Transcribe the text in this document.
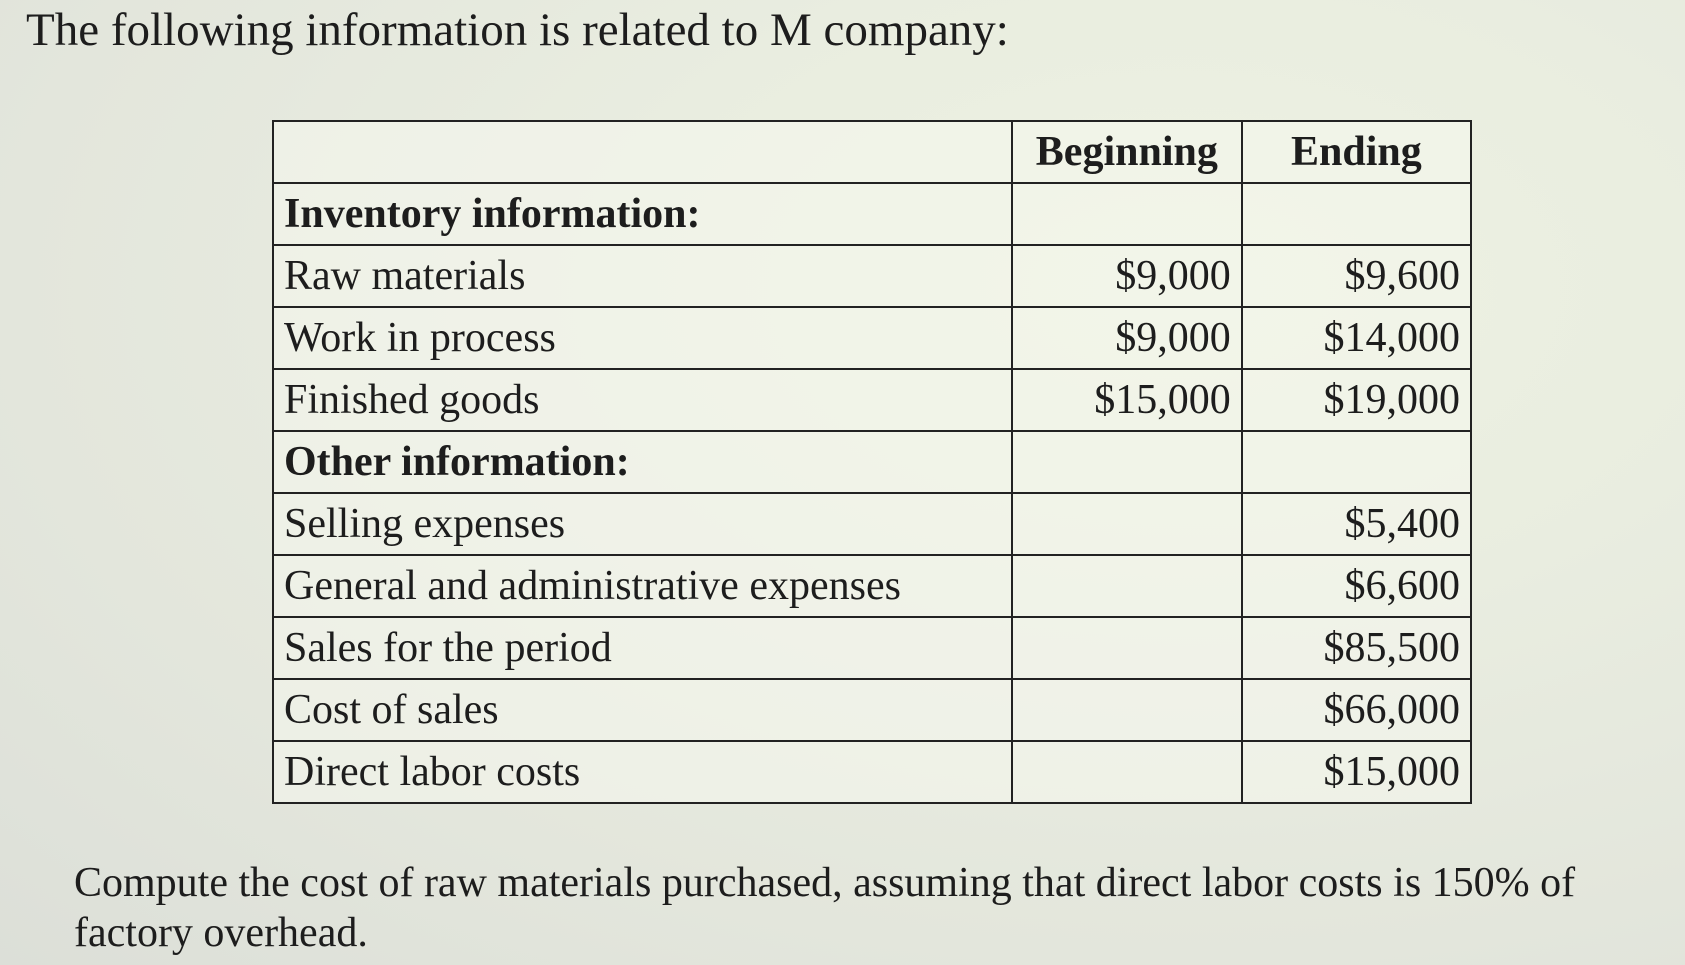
The following information is related to M company:
	Beginning	Ending
Inventory information:		
Raw materials	$9,000	$9,600
Work in process	$9,000	$14,000
Finished goods	$15,000	$19,000
Other information:		
Selling expenses		$5,400
General and administrative expenses		$6,600
Sales for the period		$85,500
Cost of sales		$66,000
Direct labor costs		$15,000
Compute the cost of raw materials purchased, assuming that direct labor costs is 150% of factory overhead.
